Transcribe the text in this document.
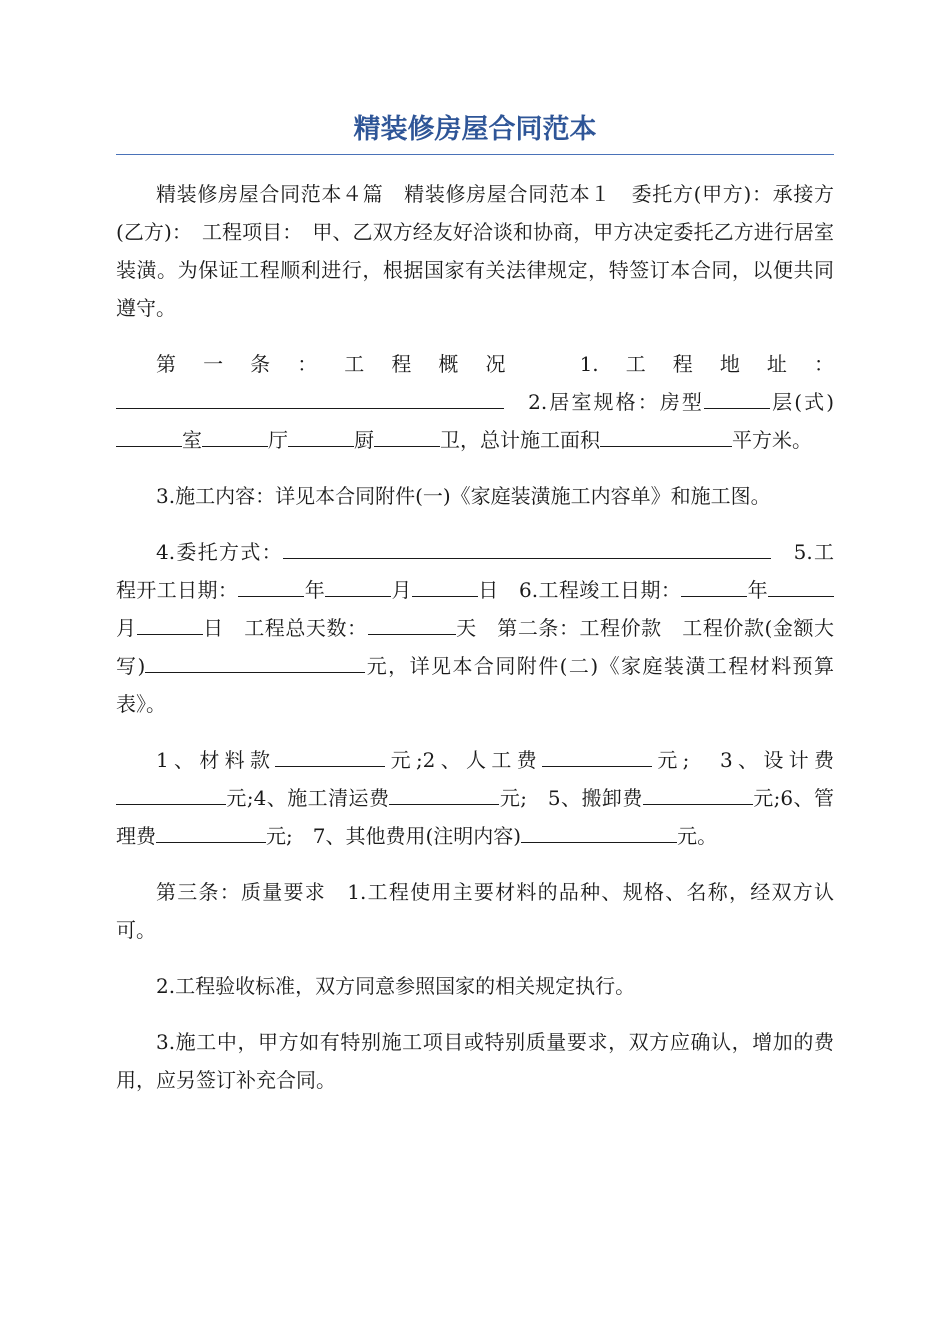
精装修房屋合同范本

精装修房屋合同范本４篇　精装修房屋合同范本１　委托方(甲方)：承接方(乙方)：　工程项目：　甲、乙双方经友好洽谈和协商，甲方决定委托乙方进行居室装潢。为保证工程顺利进行，根据国家有关法律规定，特签订本合同，以便共同遵守。

第一条：工程概况　1.工程地址：　2.居室规格：房型	层(式)室	厅	厨	卫，总计施工面积	平方米。

3.施工内容：详见本合同附件(一)《家庭装潢施工内容单》和施工图。

4.委托方式：	　5.工程开工日期：	年	月	日　6.工程竣工日期：	年月	日　工程总天数：	天　第二条：工程价款　工程价款(金额大写)	元，详见本合同附件(二)《家庭装潢工程材料预算表》。

1、材料款	元;2、人工费	元;　3、设计费元;4、施工清运费	元;　5、搬卸费	元;6、管理费	元;　7、其他费用(注明内容)	元。

第三条：质量要求　1.工程使用主要材料的品种、规格、名称，经双方认可。

2.工程验收标准，双方同意参照国家的相关规定执行。

3.施工中，甲方如有特别施工项目或特别质量要求，双方应确认，增加的费用，应另签订补充合同。
